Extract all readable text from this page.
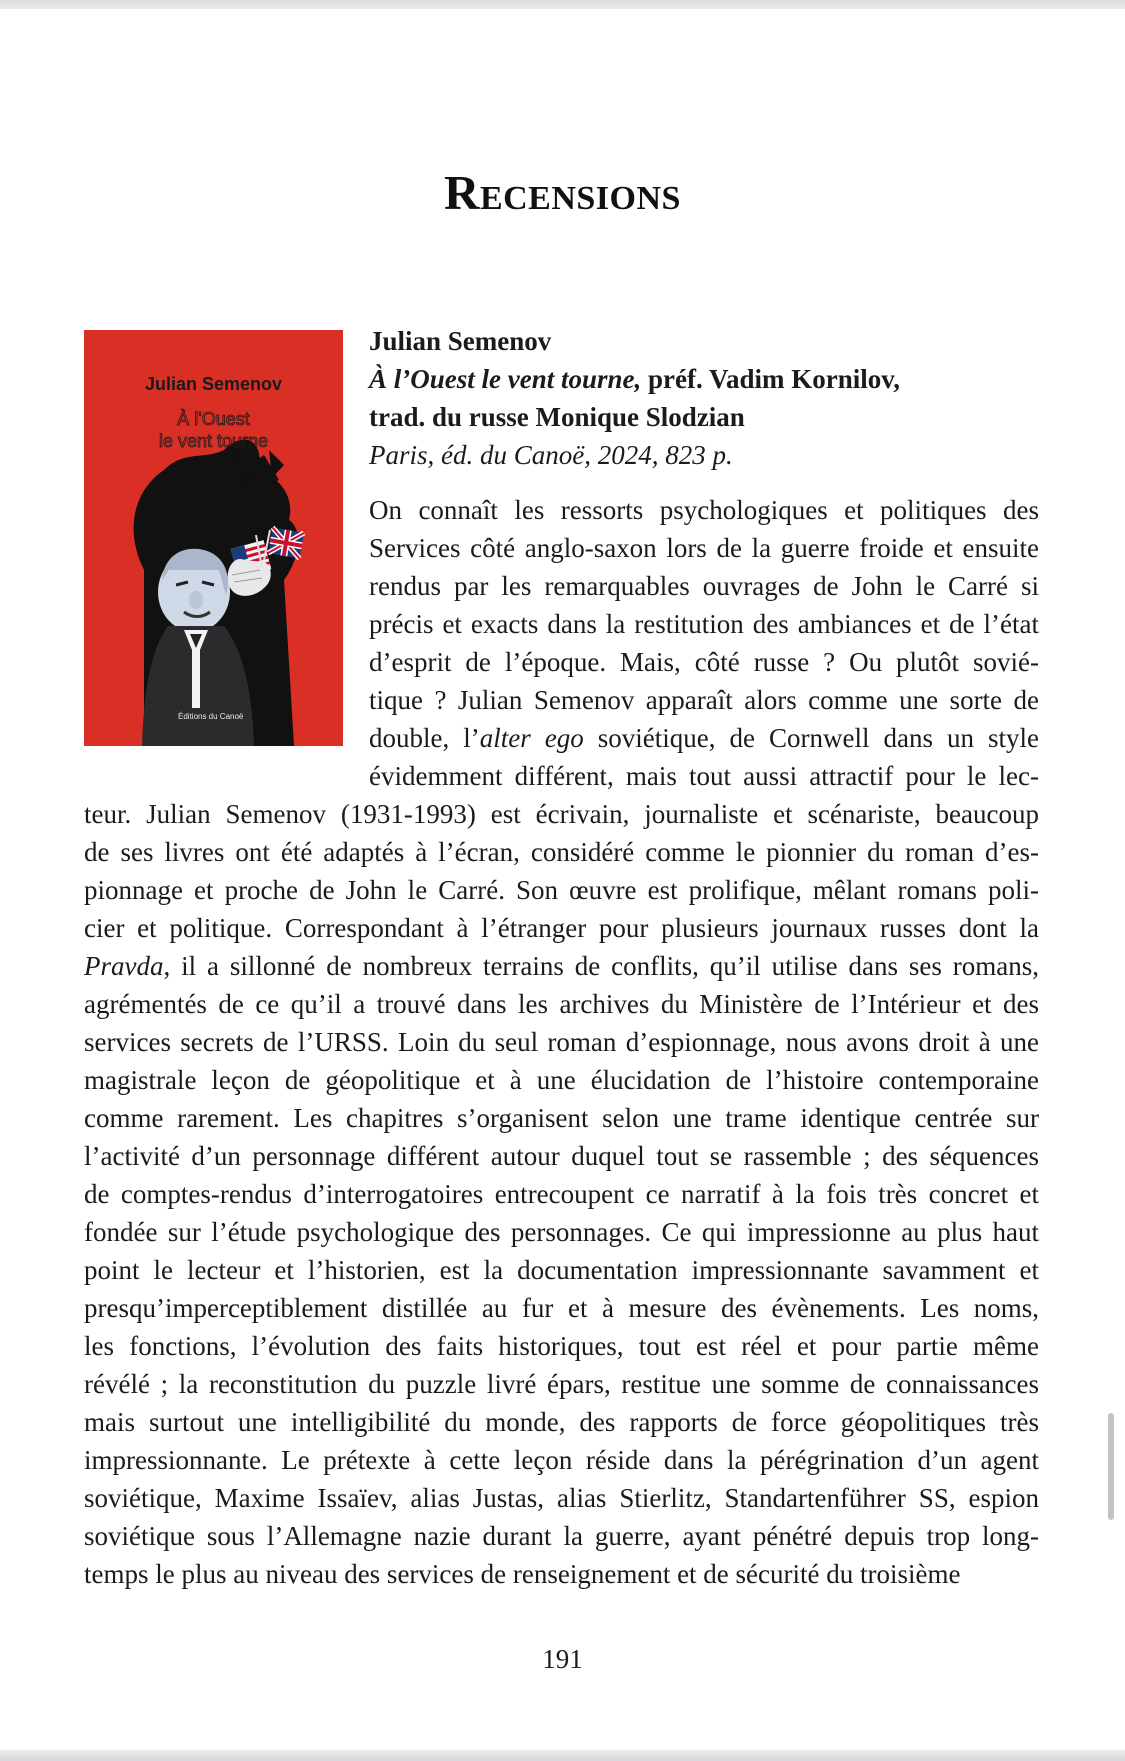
Recensions
Julian Semenov
À l'Ouest
le vent tourne
Éditions du Canoë
Julian Semenov
À l’Ouest le vent tourne, préf. Vadim Kornilov,
trad. du russe Monique Slodzian
Paris, éd. du Canoë, 2024, 823 p.
On connaît les ressorts psychologiques et politiques des
Services côté anglo-saxon lors de la guerre froide et ensuite
rendus par les remarquables ouvrages de John le Carré si
précis et exacts dans la restitution des ambiances et de l’état
d’esprit de l’époque. Mais, côté russe ? Ou plutôt sovié-
tique ? Julian Semenov apparaît alors comme une sorte de
double, l’alter ego soviétique, de Cornwell dans un style
évidemment différent, mais tout aussi attractif pour le lec-
teur. Julian Semenov (1931-1993) est écrivain, journaliste et scénariste, beaucoup
de ses livres ont été adaptés à l’écran, considéré comme le pionnier du roman d’es-
pionnage et proche de John le Carré. Son œuvre est prolifique, mêlant romans poli-
cier et politique. Correspondant à l’étranger pour plusieurs journaux russes dont la
Pravda, il a sillonné de nombreux terrains de conflits, qu’il utilise dans ses romans,
agrémentés de ce qu’il a trouvé dans les archives du Ministère de l’Intérieur et des
services secrets de l’URSS. Loin du seul roman d’espionnage, nous avons droit à une
magistrale leçon de géopolitique et à une élucidation de l’histoire contemporaine
comme rarement. Les chapitres s’organisent selon une trame identique centrée sur
l’activité d’un personnage différent autour duquel tout se rassemble ; des séquences
de comptes-rendus d’interrogatoires entrecoupent ce narratif à la fois très concret et
fondée sur l’étude psychologique des personnages. Ce qui impressionne au plus haut
point le lecteur et l’historien, est la documentation impressionnante savamment et
presqu’imperceptiblement distillée au fur et à mesure des évènements. Les noms,
les fonctions, l’évolution des faits historiques, tout est réel et pour partie même
révélé ; la reconstitution du puzzle livré épars, restitue une somme de connaissances
mais surtout une intelligibilité du monde, des rapports de force géopolitiques très
impressionnante. Le prétexte à cette leçon réside dans la pérégrination d’un agent
soviétique, Maxime Issaïev, alias Justas, alias Stierlitz, Standartenführer SS, espion
soviétique sous l’Allemagne nazie durant la guerre, ayant pénétré depuis trop long-
temps le plus au niveau des services de renseignement et de sécurité du troisième
191
